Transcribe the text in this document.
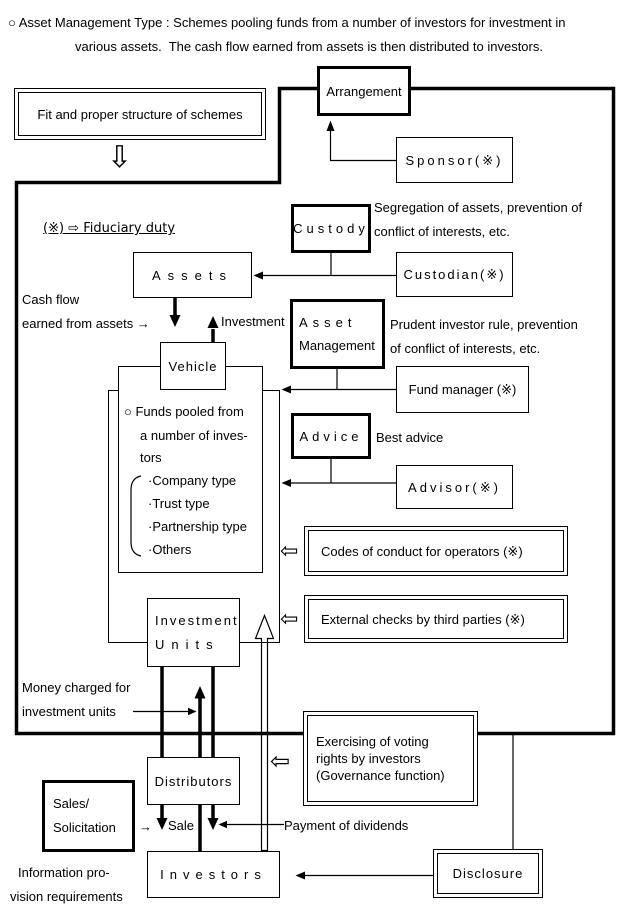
○ Asset Management Type : Schemes pooling funds from a number of investors for investment in
various assets.  The cash flow earned from assets is then distributed to investors.
Fit and proper structure of schemes
⇩
(※) ⇨ Fiduciary duty
○ Funds pooled from
a number of inves-
tors
·Company type
·Trust type
·Partnership type
·Others
Vehicle
Arrangement
Sponsor(※)
Custody
Custodian(※)
Assets
Asset
Management
Fund manager (※)
Advice
Advisor(※)
Codes of conduct for operators (※)
⇦
External checks by third parties (※)
⇦
Investment
Units
Exercising of voting
rights by investors
(Governance function)
⇦
Distributors
Sales/
Solicitation
Investors	Disclosure
Segregation of assets, prevention of
conflict of interests, etc.
Cash flow
earned from assets →	Investment	Prudent investor rule, prevention
of conflict of interests, etc.
Best advice
Money charged for
investment units
→ Sale	Payment of dividends
Information pro-
vision requirements
